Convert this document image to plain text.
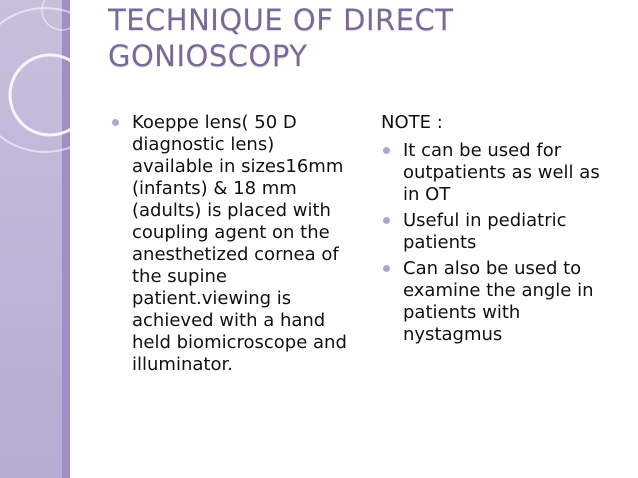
TECHNIQUE OF DIRECT
GONIOSCOPY
Koeppe lens( 50 D diagnostic lens) available in sizes16mm (infants) & 18 mm (adults) is placed with coupling agent on the anesthetized cornea of the supine patient.viewing is achieved with a hand held biomicroscope and illuminator.
NOTE :
It can be used for outpatients as well as in OT
Useful in pediatric patients
Can also be used to examine the angle in patients with nystagmus
